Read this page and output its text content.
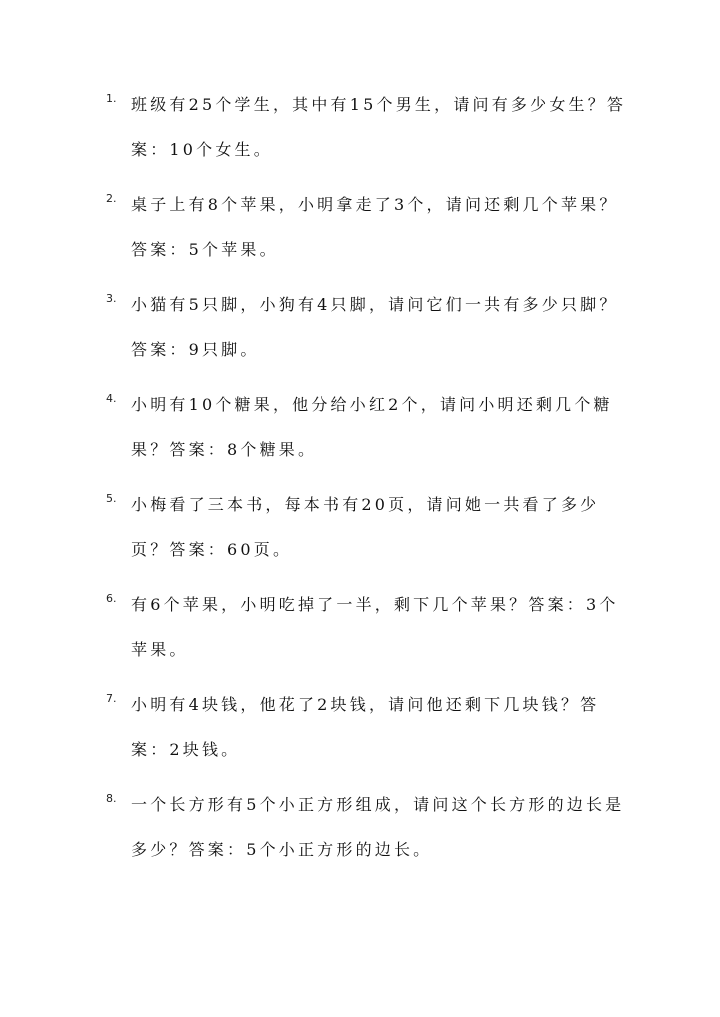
1. 班级有25个学生，其中有15个男生，请问有多少女生？答案：10个女生。
2. 桌子上有8个苹果，小明拿走了3个，请问还剩几个苹果？答案：5个苹果。
3. 小猫有5只脚，小狗有4只脚，请问它们一共有多少只脚？答案：9只脚。
4. 小明有10个糖果，他分给小红2个，请问小明还剩几个糖果？答案：8个糖果。
5. 小梅看了三本书，每本书有20页，请问她一共看了多少页？答案：60页。
6. 有6个苹果，小明吃掉了一半，剩下几个苹果？答案：3个苹果。
7. 小明有4块钱，他花了2块钱，请问他还剩下几块钱？答案：2块钱。
8. 一个长方形有5个小正方形组成，请问这个长方形的边长是多少？答案：5个小正方形的边长。
